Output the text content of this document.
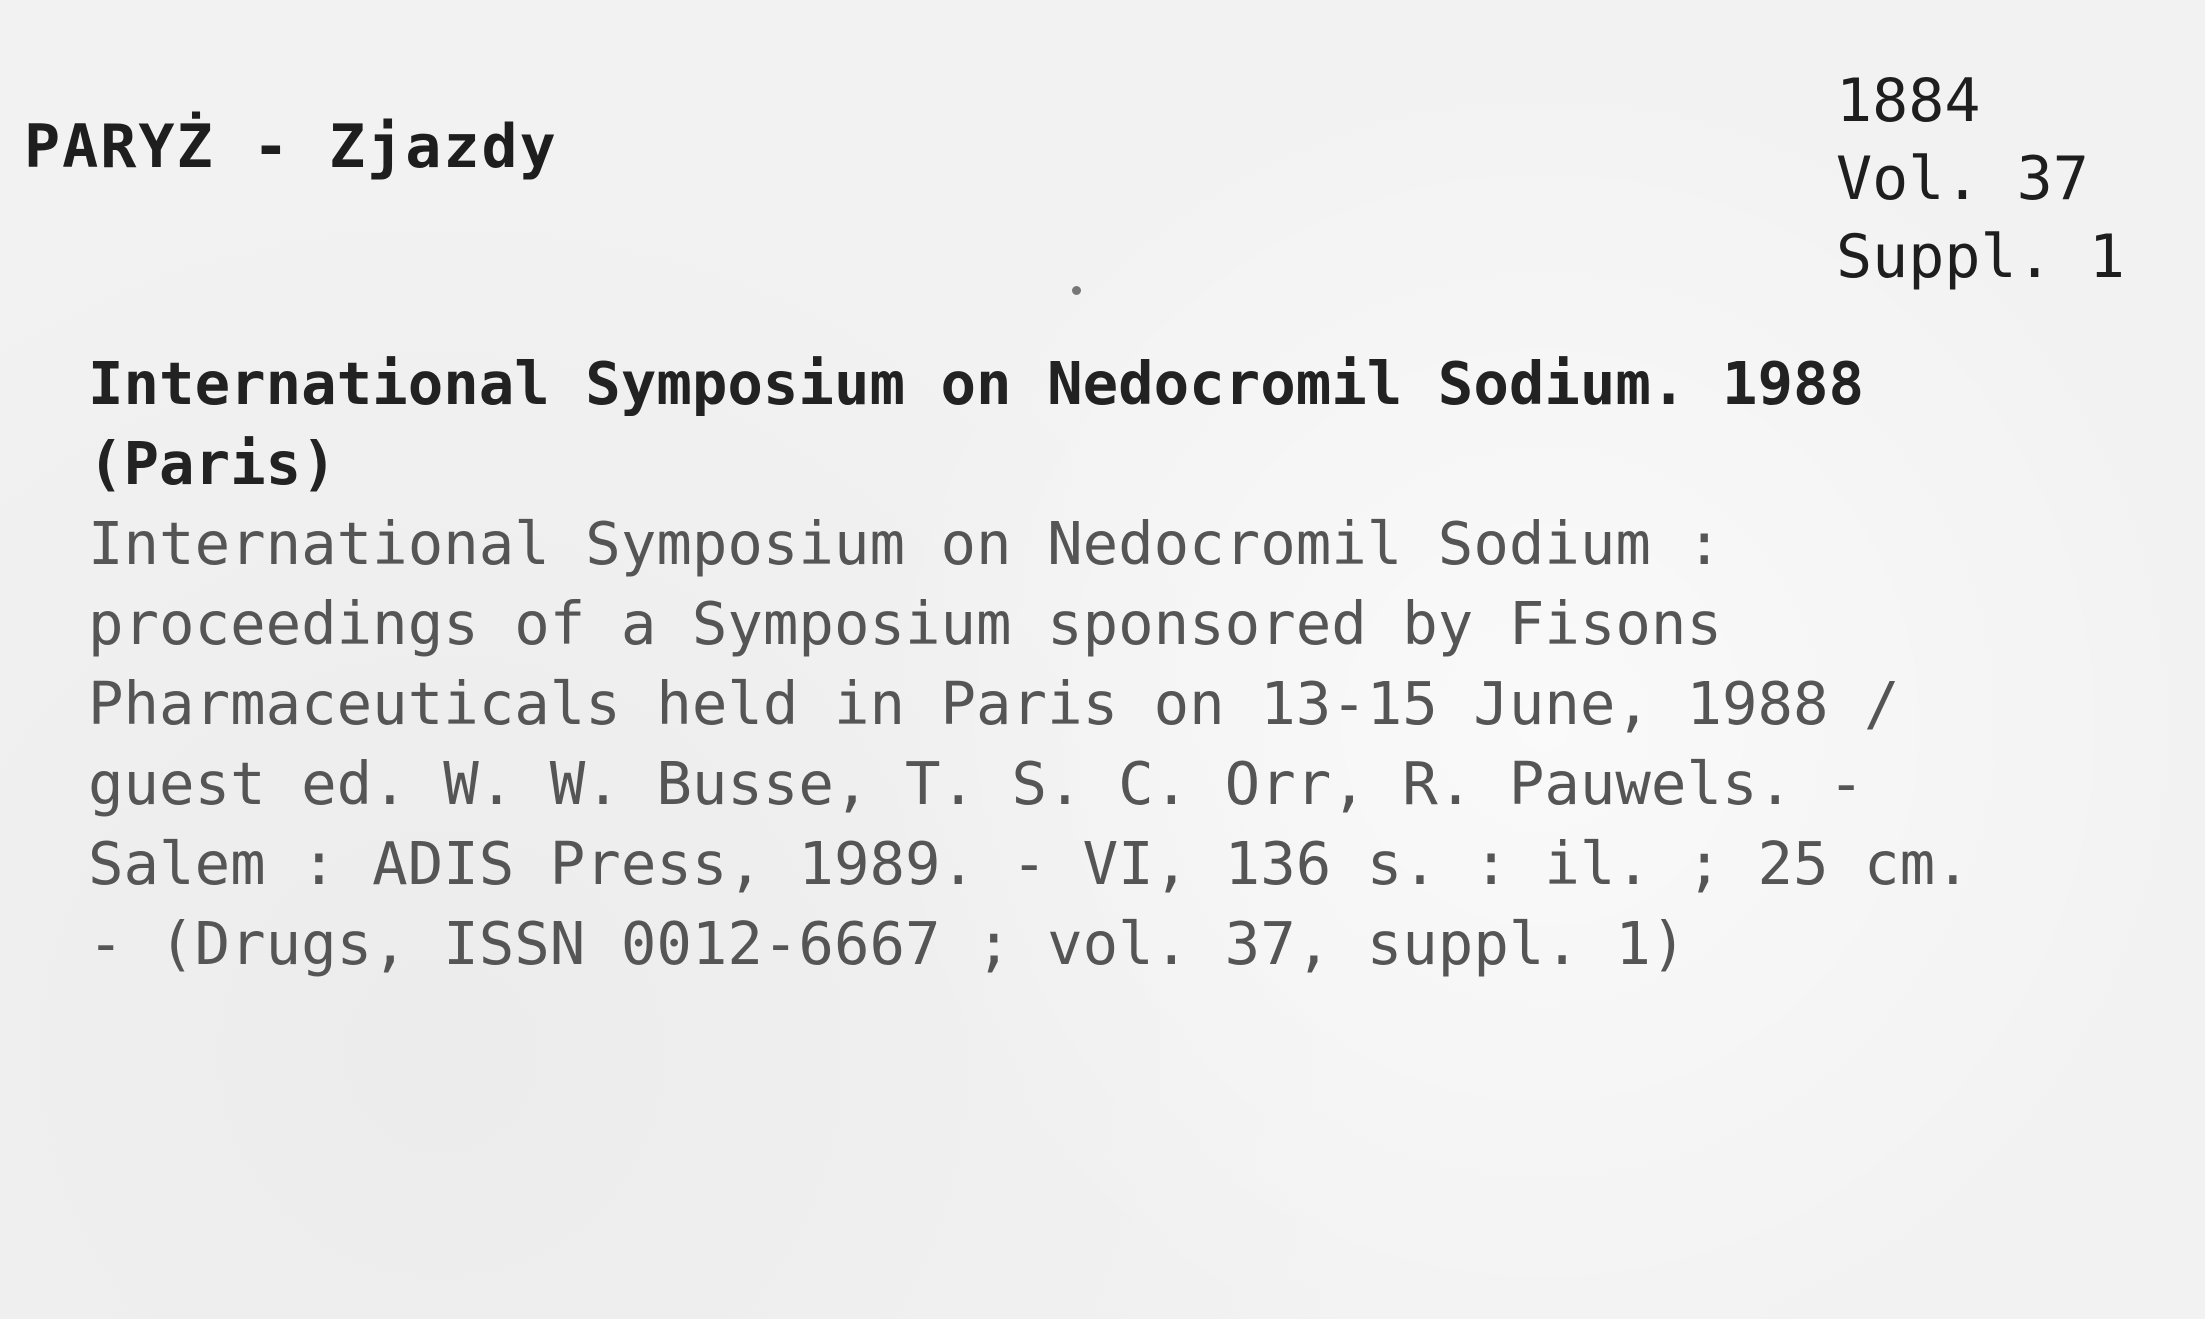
PARYŻ - Zjazdy
1884
Vol. 37
Suppl. 1
International Symposium on Nedocromil Sodium. 1988
(Paris)
International Symposium on Nedocromil Sodium :
proceedings of a Symposium sponsored by Fisons
Pharmaceuticals held in Paris on 13-15 June, 1988 /
guest ed. W. W. Busse, T. S. C. Orr, R. Pauwels. -
Salem : ADIS Press, 1989. - VI, 136 s. : il. ; 25 cm.
- (Drugs, ISSN 0012-6667 ; vol. 37, suppl. 1)
